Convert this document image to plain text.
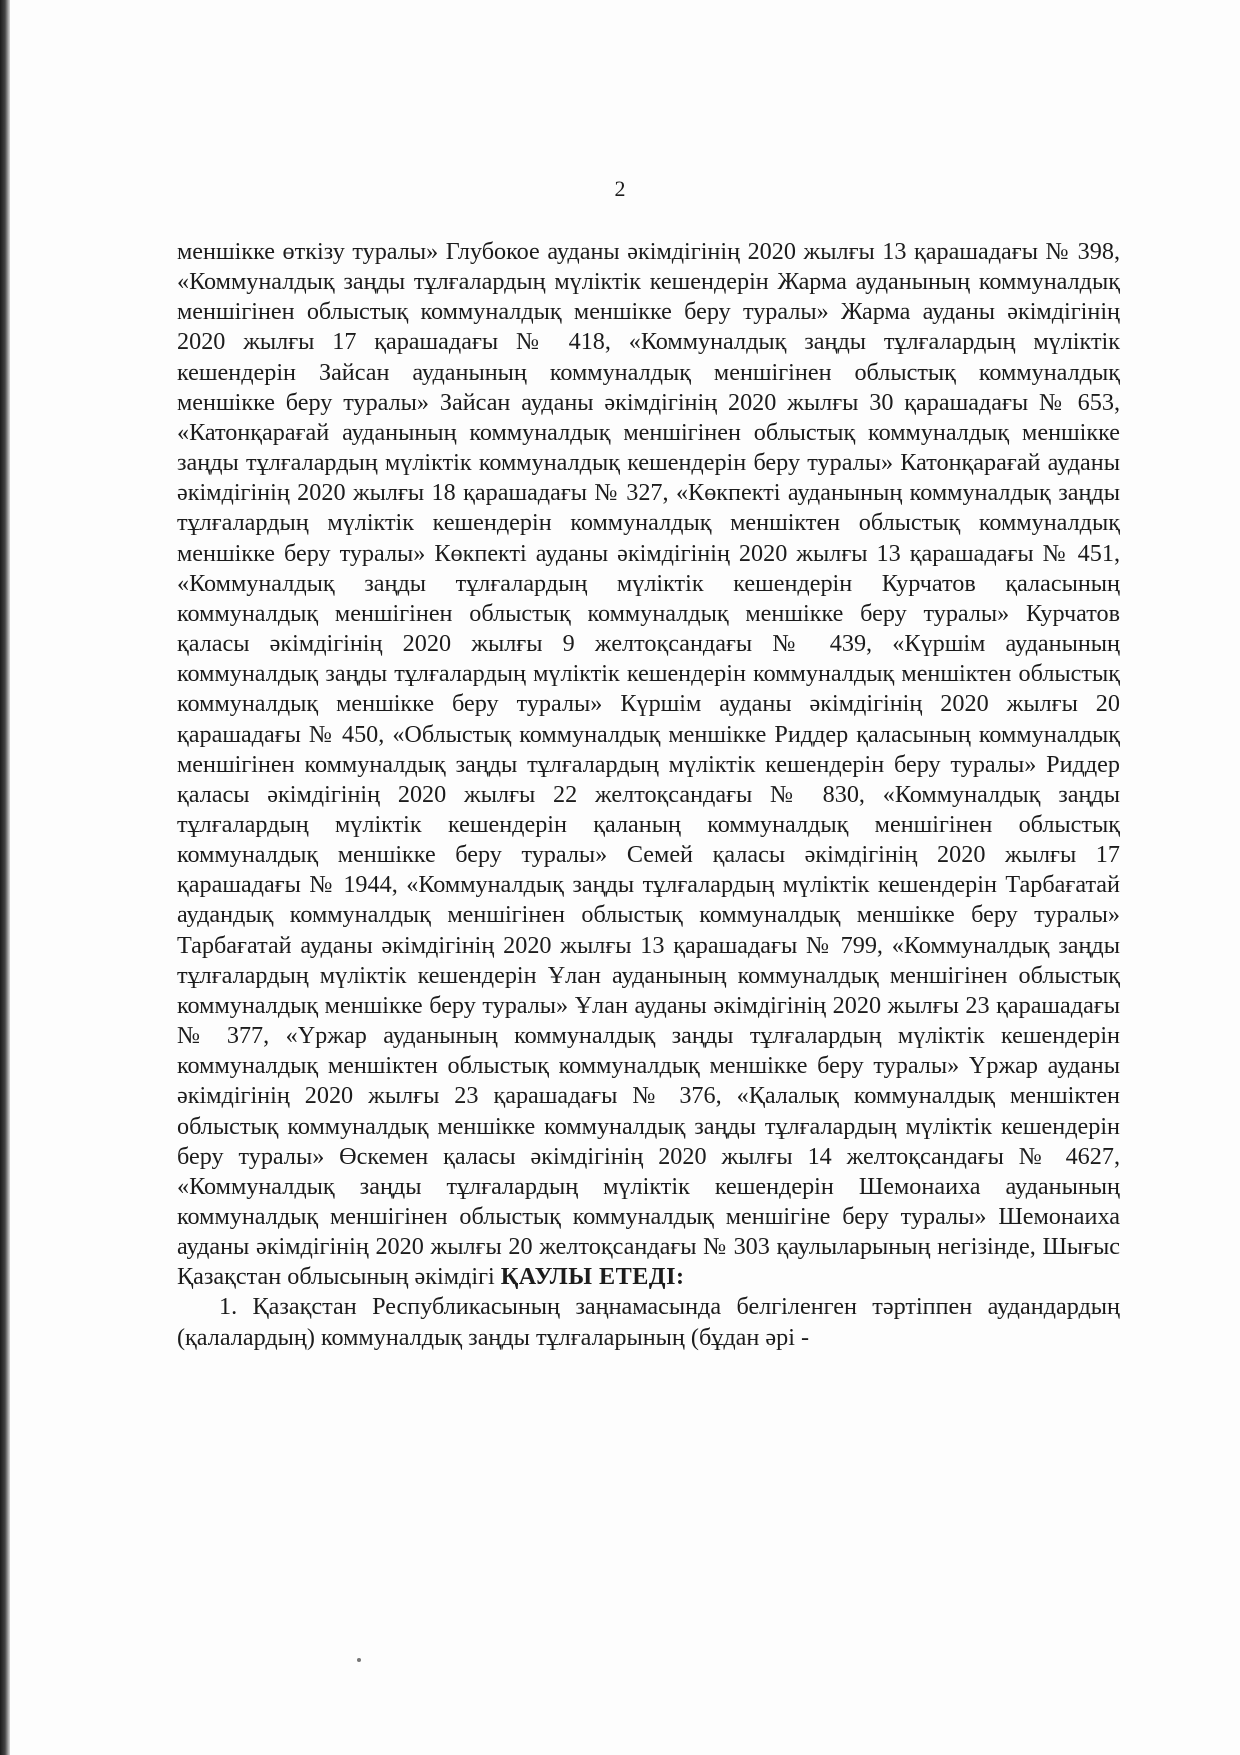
2

меншікке өткізу туралы» Глубокое ауданы әкімдігінің 2020 жылғы 13 қарашадағы № 398, «Коммуналдық заңды тұлғалардың мүліктік кешендерін Жарма ауданының коммуналдық меншігінен облыстық коммуналдық меншікке беру туралы» Жарма ауданы әкімдігінің 2020 жылғы 17 қарашадағы № 418, «Коммуналдық заңды тұлғалардың мүліктік кешендерін Зайсан ауданының коммуналдық меншігінен облыстық коммуналдық меншікке беру туралы» Зайсан ауданы әкімдігінің 2020 жылғы 30 қарашадағы № 653, «Катонқарағай ауданының коммуналдық меншігінен облыстық коммуналдық меншікке заңды тұлғалардың мүліктік коммуналдық кешендерін беру туралы» Катонқарағай ауданы әкімдігінің 2020 жылғы 18 қарашадағы № 327, «Көкпекті ауданының коммуналдық заңды тұлғалардың мүліктік кешендерін коммуналдық меншіктен облыстық коммуналдық меншікке беру туралы» Көкпекті ауданы әкімдігінің 2020 жылғы 13 қарашадағы № 451, «Коммуналдық заңды тұлғалардың мүліктік кешендерін Курчатов қаласының коммуналдық меншігінен облыстық коммуналдық меншікке беру туралы» Курчатов қаласы әкімдігінің 2020 жылғы 9 желтоқсандағы № 439, «Күршім ауданының коммуналдық заңды тұлғалардың мүліктік кешендерін коммуналдық меншіктен облыстық коммуналдық меншікке беру туралы» Күршім ауданы әкімдігінің 2020 жылғы 20 қарашадағы № 450, «Облыстық коммуналдық меншікке Риддер қаласының коммуналдық меншігінен коммуналдық заңды тұлғалардың мүліктік кешендерін беру туралы» Риддер қаласы әкімдігінің 2020 жылғы 22 желтоқсандағы № 830, «Коммуналдық заңды тұлғалардың мүліктік кешендерін қаланың коммуналдық меншігінен облыстық коммуналдық меншікке беру туралы» Семей қаласы әкімдігінің 2020 жылғы 17 қарашадағы № 1944, «Коммуналдық заңды тұлғалардың мүліктік кешендерін Тарбағатай аудандық коммуналдық меншігінен облыстық коммуналдық меншікке беру туралы» Тарбағатай ауданы әкімдігінің 2020 жылғы 13 қарашадағы № 799, «Коммуналдық заңды тұлғалардың мүліктік кешендерін Ұлан ауданының коммуналдық меншігінен облыстық коммуналдық меншікке беру туралы» Ұлан ауданы әкімдігінің 2020 жылғы 23 қарашадағы № 377, «Үржар ауданының коммуналдық заңды тұлғалардың мүліктік кешендерін коммуналдық меншіктен облыстық коммуналдық меншікке беру туралы» Үржар ауданы әкімдігінің 2020 жылғы 23 қарашадағы № 376, «Қалалық коммуналдық меншіктен облыстық коммуналдық меншікке коммуналдық заңды тұлғалардың мүліктік кешендерін беру туралы» Өскемен қаласы әкімдігінің 2020 жылғы 14 желтоқсандағы № 4627, «Коммуналдық заңды тұлғалардың мүліктік кешендерін Шемонаиха ауданының коммуналдық меншігінен облыстық коммуналдық меншігіне беру туралы» Шемонаиха ауданы әкімдігінің 2020 жылғы 20 желтоқсандағы № 303 қаулыларының негізінде, Шығыс Қазақстан облысының әкімдігі ҚАУЛЫ ЕТЕДІ:

1. Қазақстан Республикасының заңнамасында белгіленген тәртіппен аудандардың (қалалардың) коммуналдық заңды тұлғаларының (бұдан әрі -
